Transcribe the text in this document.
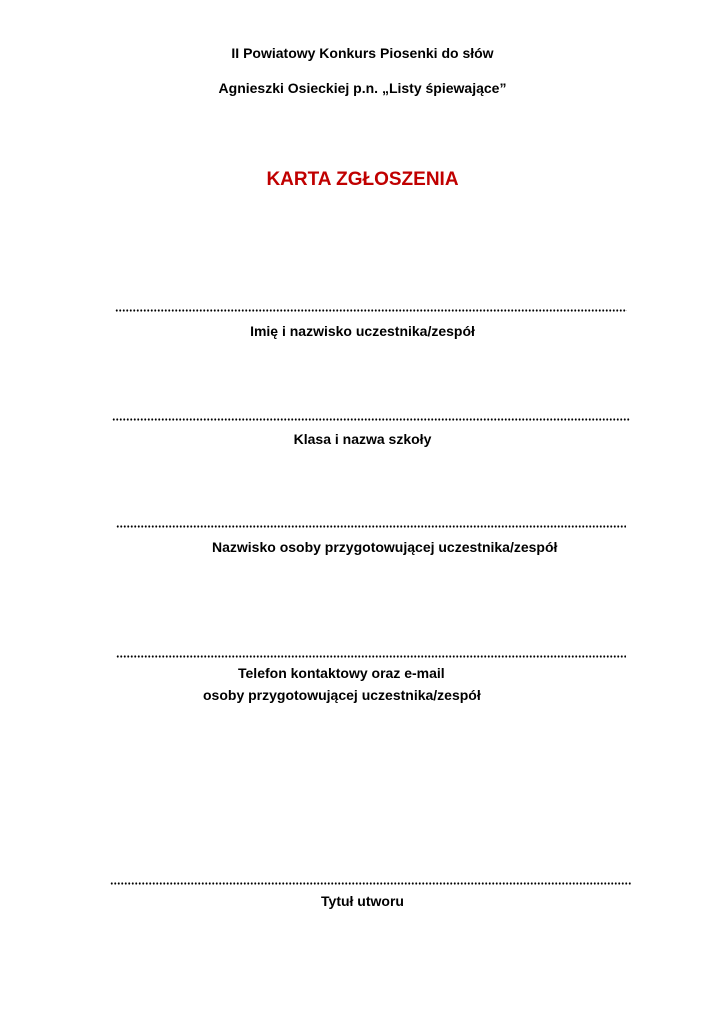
II Powiatowy Konkurs Piosenki do słów
Agnieszki Osieckiej p.n. „Listy śpiewające”
KARTA ZGŁOSZENIA
Imię i nazwisko uczestnika/zespół
Klasa i nazwa szkoły
Nazwisko osoby przygotowującej uczestnika/zespół
Telefon kontaktowy oraz e-mail
osoby przygotowującej uczestnika/zespół
Tytuł utworu
